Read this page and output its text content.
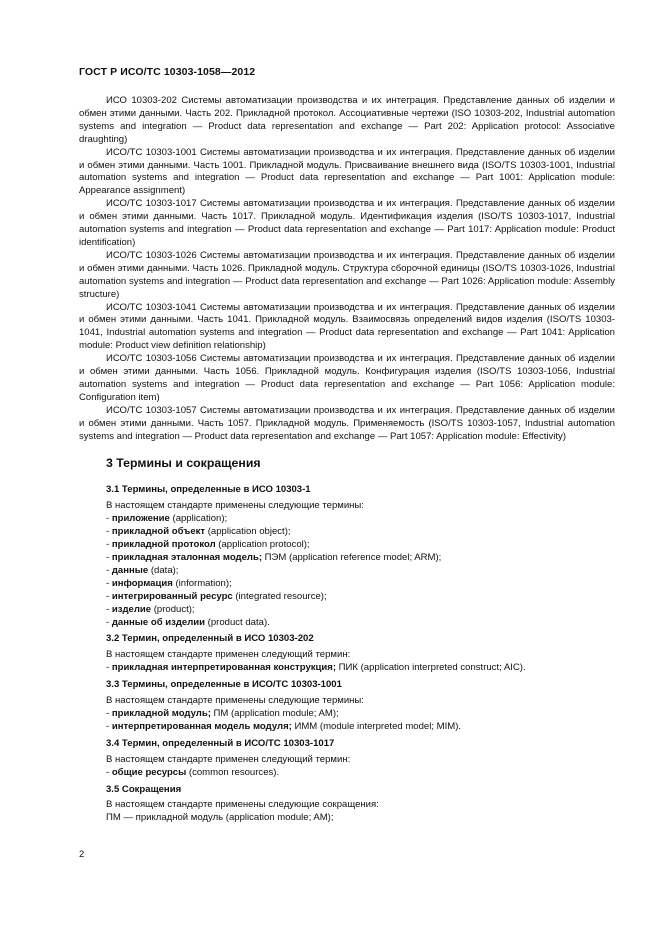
ГОСТ Р ИСО/ТС 10303-1058—2012

ИСО 10303-202 Системы автоматизации производства и их интеграция. Представление данных об изделии и обмен этими данными. Часть 202. Прикладной протокол. Ассоциативные чертежи (ISO 10303-202, Industrial automation systems and integration — Product data representation and exchange — Part 202: Application protocol: Associative draughting)

ИСО/ТС 10303-1001 Системы автоматизации производства и их интеграция. Представление данных об изделии и обмен этими данными. Часть 1001. Прикладной модуль. Присваивание внешнего вида (ISO/TS 10303-1001, Industrial automation systems and integration — Product data representation and exchange — Part 1001: Application module: Appearance assignment)

ИСО/ТС 10303-1017 Системы автоматизации производства и их интеграция. Представление данных об изделии и обмен этими данными. Часть 1017. Прикладной модуль. Идентификация изделия (ISO/TS 10303-1017, Industrial automation systems and integration — Product data representation and exchange — Part 1017: Application module: Product identification)

ИСО/ТС 10303-1026 Системы автоматизации производства и их интеграция. Представление данных об изделии и обмен этими данными. Часть 1026. Прикладной модуль. Структура сборочной единицы (ISO/TS 10303-1026, Industrial automation systems and integration — Product data representation and exchange — Part 1026: Application module: Assembly structure)

ИСО/ТС 10303-1041 Системы автоматизации производства и их интеграция. Представление данных об изделии и обмен этими данными. Часть 1041. Прикладной модуль. Взаимосвязь определений видов изделия (ISO/TS 10303-1041, Industrial automation systems and integration — Product data representation and exchange — Part 1041: Application module: Product view definition relationship)

ИСО/ТС 10303-1056 Системы автоматизации производства и их интеграция. Представление данных об изделии и обмен этими данными. Часть 1056. Прикладной модуль. Конфигурация изделия (ISO/TS 10303-1056, Industrial automation systems and integration — Product data representation and exchange — Part 1056: Application module: Configuration item)

ИСО/ТС 10303-1057 Системы автоматизации производства и их интеграция. Представление данных об изделии и обмен этими данными. Часть 1057. Прикладной модуль. Применяемость (ISO/TS 10303-1057, Industrial automation systems and integration — Product data representation and exchange — Part 1057: Application module: Effectivity)

3 Термины и сокращения
3.1 Термины, определенные в ИСО 10303-1
В настоящем стандарте применены следующие термины:
- приложение (application);
- прикладной объект (application object);
- прикладной протокол (application protocol);
- прикладная эталонная модель; ПЭМ (application reference model; ARM);
- данные (data);
- информация (information);
- интегрированный ресурс (integrated resource);
- изделие (product);
- данные об изделии (product data).
3.2 Термин, определенный в ИСО 10303-202
В настоящем стандарте применен следующий термин:
- прикладная интерпретированная конструкция; ПИК (application interpreted construct; AIC).
3.3 Термины, определенные в ИСО/ТС 10303-1001
В настоящем стандарте применены следующие термины:
- прикладной модуль; ПМ (application module; AM);
- интерпретированная модель модуля; ИММ (module interpreted model; MIM).
3.4 Термин, определенный в ИСО/ТС 10303-1017
В настоящем стандарте применен следующий термин:
- общие ресурсы (common resources).
3.5 Сокращения
В настоящем стандарте применены следующие сокращения:
ПМ — прикладной модуль (application module; AM);
2
